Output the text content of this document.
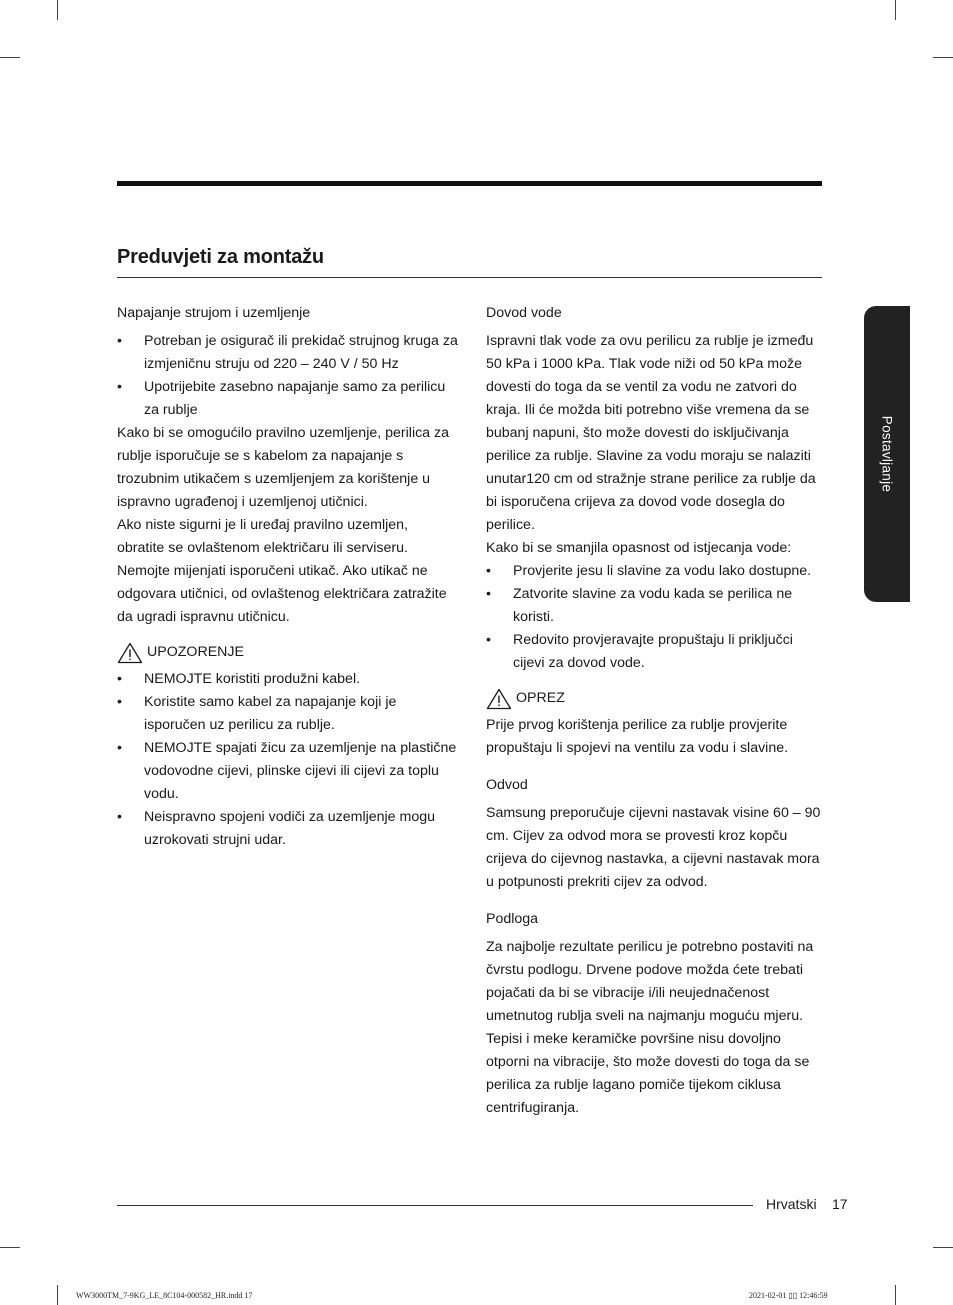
Preduvjeti za montažu

Napajanje strujom i uzemljenje

• Potreban je osigurač ili prekidač strujnog kruga za izmjeničnu struju od 220 – 240 V / 50 Hz
• Upotrijebite zasebno napajanje samo za perilicu za rublje

Kako bi se omogućilo pravilno uzemljenje, perilica za rublje isporučuje se s kabelom za napajanje s trozubnim utikačem s uzemljenjem za korištenje u ispravno ugrađenoj i uzemljenoj utičnici.

Ako niste sigurni je li uređaj pravilno uzemljen, obratite se ovlaštenom električaru ili serviseru. Nemojte mijenjati isporučeni utikač. Ako utikač ne odgovara utičnici, od ovlaštenog električara zatražite da ugradi ispravnu utičnicu.

UPOZORENJE
• NEMOJTE koristiti produžni kabel.
• Koristite samo kabel za napajanje koji je isporučen uz perilicu za rublje.
• NEMOJTE spajati žicu za uzemljenje na plastične vodovodne cijevi, plinske cijevi ili cijevi za toplu vodu.
• Neispravno spojeni vodiči za uzemljenje mogu uzrokovati strujni udar.

Dovod vode

Ispravni tlak vode za ovu perilicu za rublje je između 50 kPa i 1000 kPa. Tlak vode niži od 50 kPa može dovesti do toga da se ventil za vodu ne zatvori do kraja. Ili će možda biti potrebno više vremena da se bubanj napuni, što može dovesti do isključivanja perilice za rublje. Slavine za vodu moraju se nalaziti unutar120 cm od stražnje strane perilice za rublje da bi isporučena crijeva za dovod vode dosegla do perilice.

Kako bi se smanjila opasnost od istjecanja vode:

• Provjerite jesu li slavine za vodu lako dostupne.
• Zatvorite slavine za vodu kada se perilica ne koristi.
• Redovito provjeravajte propuštaju li priključci cijevi za dovod vode.
OPREZ

Prije prvog korištenja perilice za rublje provjerite propuštaju li spojevi na ventilu za vodu i slavine.

Odvod

Samsung preporučuje cijevni nastavak visine 60 – 90 cm. Cijev za odvod mora se provesti kroz kopču crijeva do cijevnog nastavka, a cijevni nastavak mora u potpunosti prekriti cijev za odvod.

Podloga

Za najbolje rezultate perilicu je potrebno postaviti na čvrstu podlogu. Drvene podove možda ćete trebati pojačati da bi se vibracije i/ili neujednačenost umetnutog rublja sveli na najmanju moguću mjeru. Tepisi i meke keramičke površine nisu dovoljno otporni na vibracije, što može dovesti do toga da se perilica za rublje lagano pomiče tijekom ciklusa centrifugiranja.

Postavljanje
Hrvatski 17
WW3000TM_7-9KG_LE_8C104-000582_HR.indd 17	2021-02-01 ▯▯ 12:46:59
